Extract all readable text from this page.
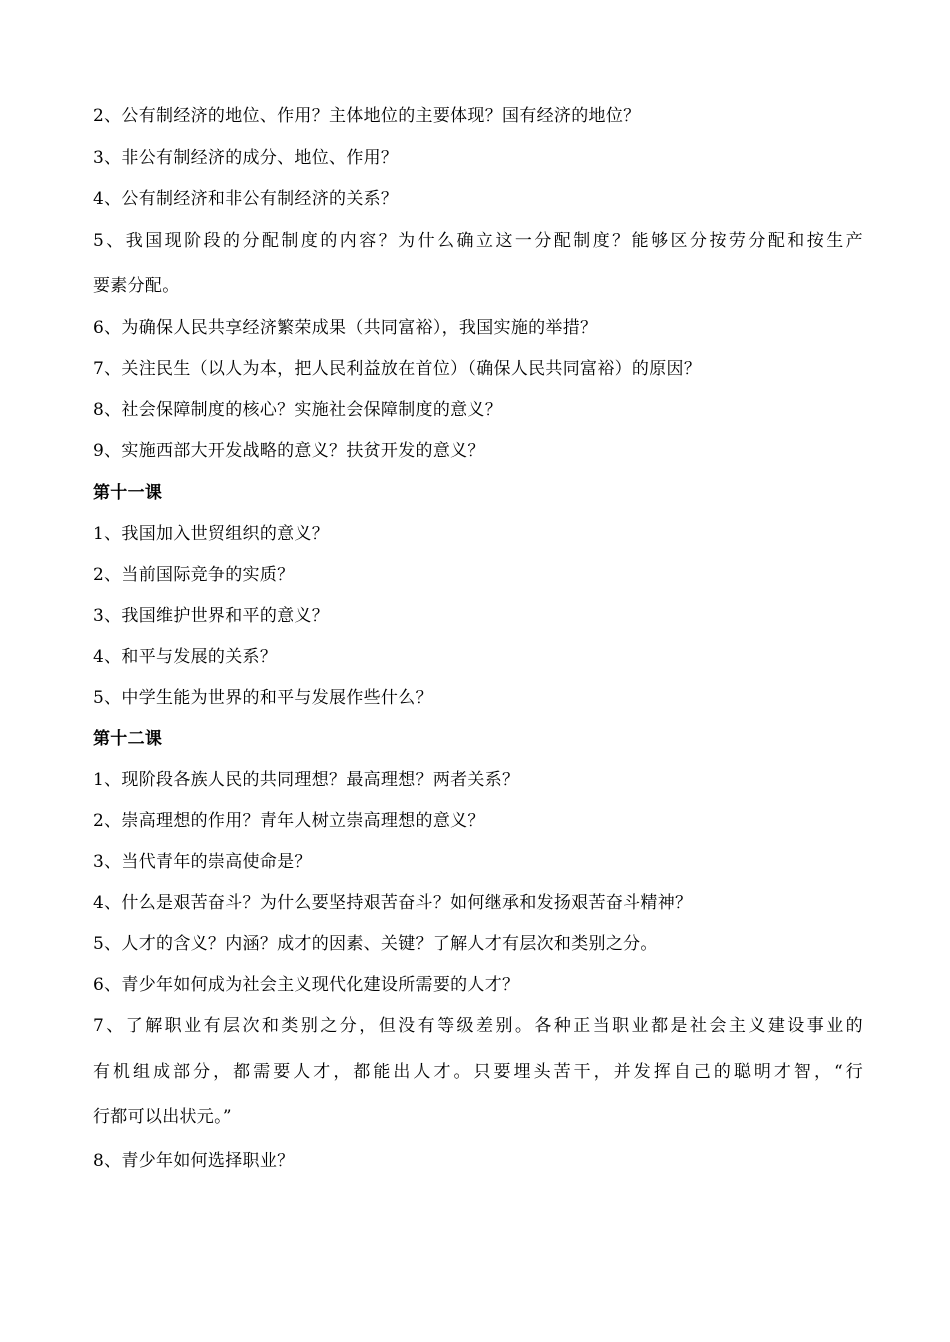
2、公有制经济的地位、作用？主体地位的主要体现？国有经济的地位？
3、非公有制经济的成分、地位、作用？
4、公有制经济和非公有制经济的关系？
5、我国现阶段的分配制度的内容？为什么确立这一分配制度？能够区分按劳分配和按生产
要素分配。
6、为确保人民共享经济繁荣成果（共同富裕），我国实施的举措？
7、关注民生（以人为本，把人民利益放在首位）（确保人民共同富裕）的原因？
8、社会保障制度的核心？实施社会保障制度的意义？
9、实施西部大开发战略的意义？扶贫开发的意义？
第十一课
1、我国加入世贸组织的意义？
2、当前国际竞争的实质？
3、我国维护世界和平的意义？
4、和平与发展的关系？
5、中学生能为世界的和平与发展作些什么？
第十二课
1、现阶段各族人民的共同理想？最高理想？两者关系？
2、崇高理想的作用？青年人树立崇高理想的意义？
3、当代青年的崇高使命是？
4、什么是艰苦奋斗？为什么要坚持艰苦奋斗？如何继承和发扬艰苦奋斗精神？
5、人才的含义？内涵？成才的因素、关键？了解人才有层次和类别之分。
6、青少年如何成为社会主义现代化建设所需要的人才？
7、了解职业有层次和类别之分，但没有等级差别。各种正当职业都是社会主义建设事业的
有机组成部分，都需要人才，都能出人才。只要埋头苦干，并发挥自己的聪明才智，“行
行都可以出状元。”
8、青少年如何选择职业？
